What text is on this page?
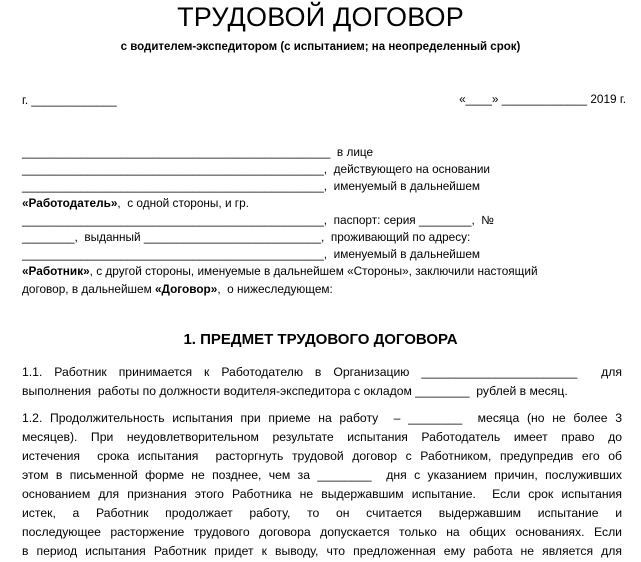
ТРУДОВОЙ ДОГОВОР
с водителем-экспедитором (с испытанием; на неопределенный срок)
г. _____________	«____» _____________ 2019 г.
_______________________________________________  в лице
______________________________________________,  действующего на основании
______________________________________________,  именуемый в дальнейшем
«Работодатель»,  с одной стороны, и гр.
______________________________________________,  паспорт: серия ________,  №
________,  выданный ___________________________,  проживающий по адресу:
______________________________________________,  именуемый в дальнейшем
«Работник», с другой стороны, именуемые в дальнейшем «Стороны», заключили настоящий
договор, в дальнейшем «Договор»,  о нижеследующем:
1. ПРЕДМЕТ ТРУДОВОГО ДОГОВОРА
1.1. Работник принимается к Работодателю в Организацию _______________________  для
выполнения  работы по должности водителя-экспедитора с окладом ________  рублей в месяц.
1.2. Продолжительность испытания при приеме на работу  – ________  месяца (но не более 3
месяцев). При неудовлетворительном результате испытания Работодатель имеет право до
истечения  срока испытания  расторгнуть трудовой договор с Работником, предупредив его об
этом в письменной форме не позднее, чем за ________  дня с указанием причин, послуживших
основанием для признания этого Работника не выдержавшим испытание.  Если срок испытания
истек, а Работник продолжает работу, то он считается выдержавшим испытание и
последующее расторжение трудового договора допускается только на общих основаниях. Если
в период испытания Работник придет к выводу, что предложенная ему работа не является для
